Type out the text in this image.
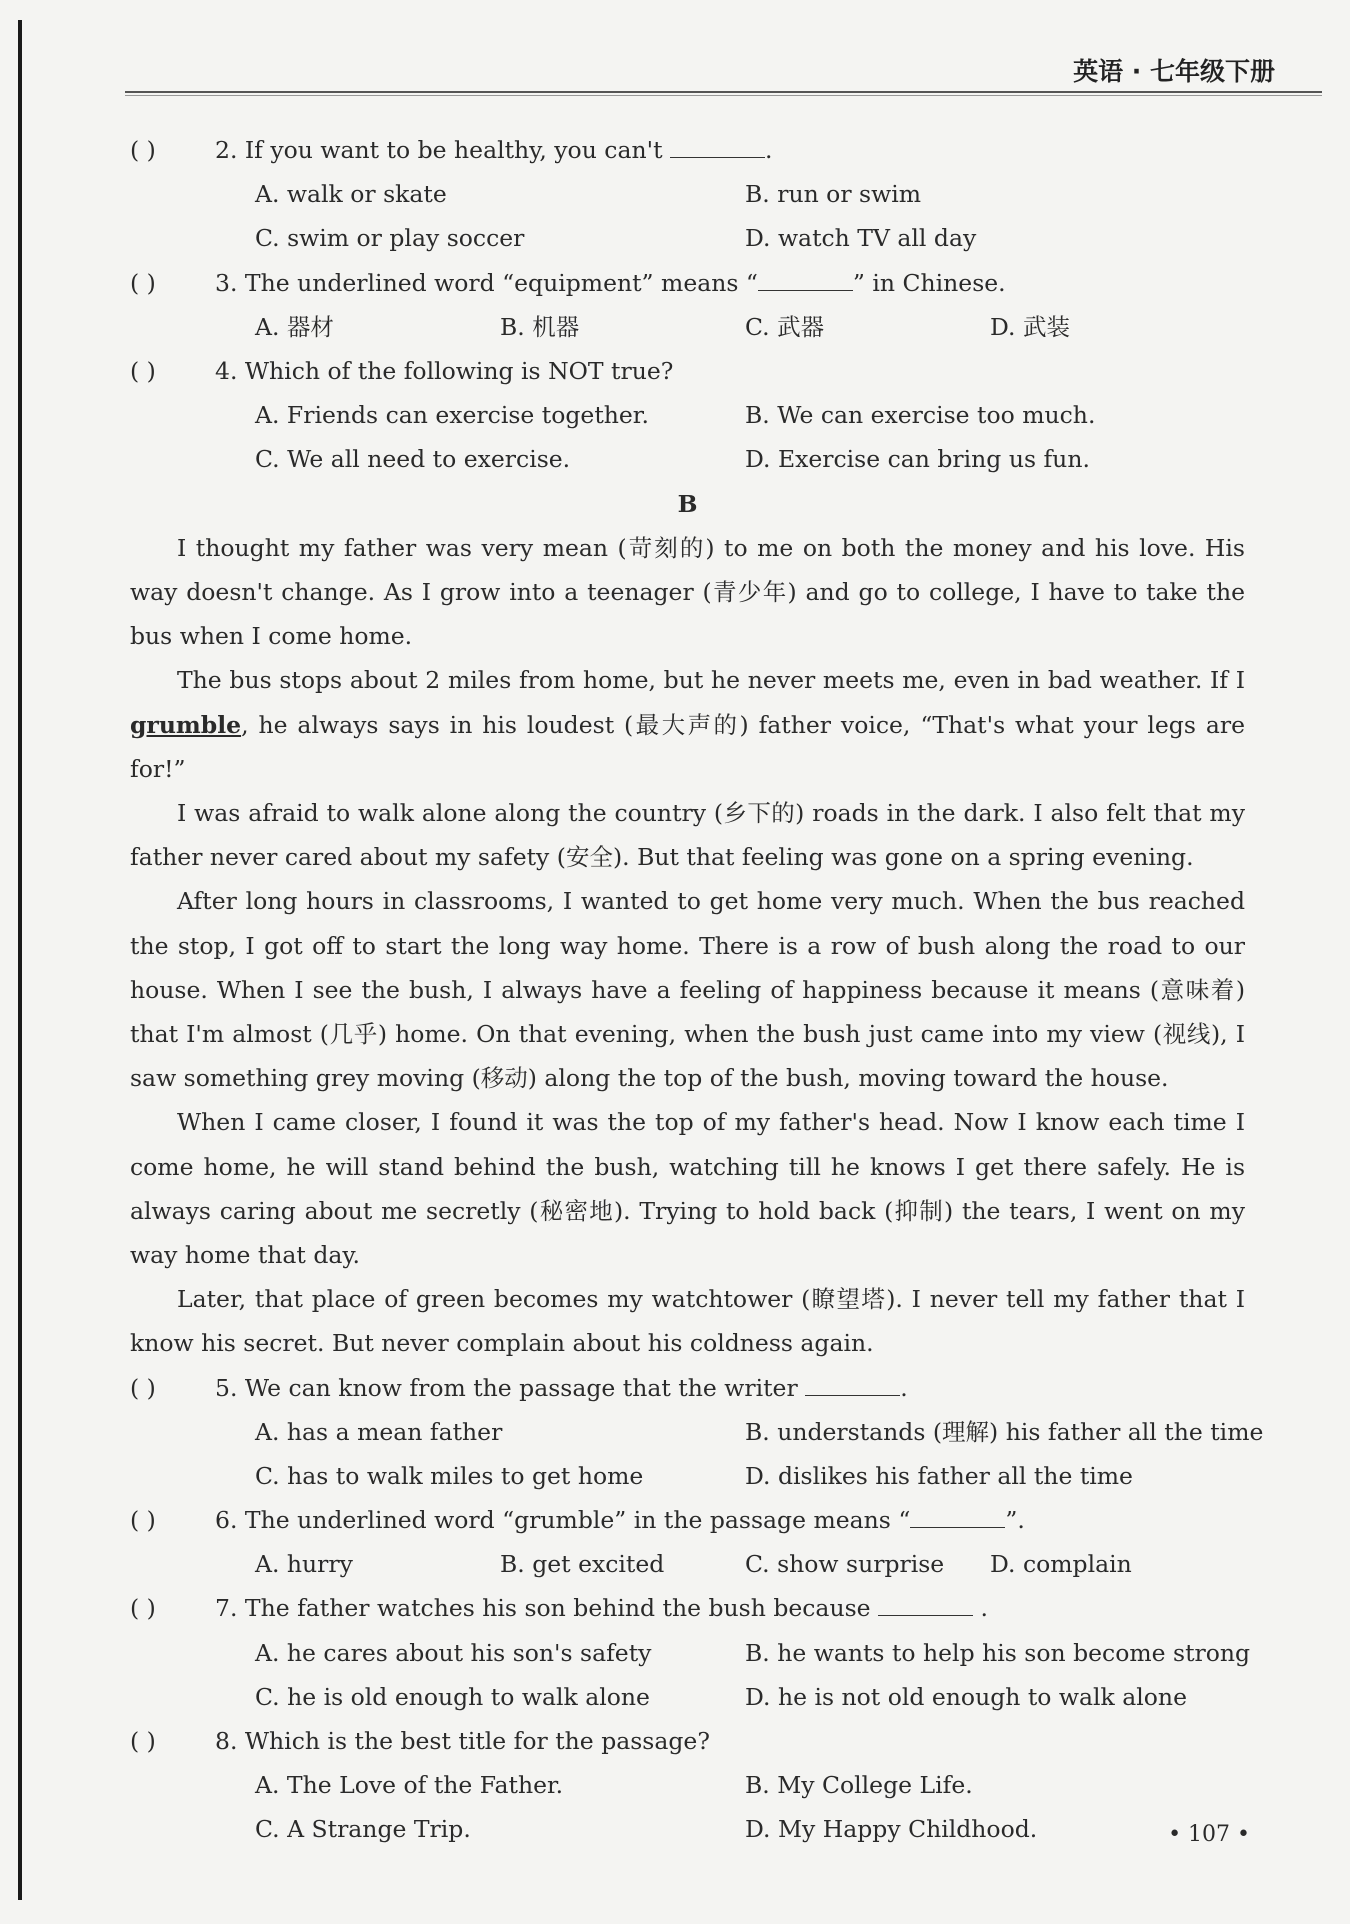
英语 · 七年级下册
( )	2. If you want to be healthy, you can't	.
A. walk or skate	B. run or swim
C. swim or play soccer	D. watch TV all day
( )	3. The underlined word “equipment” means “	” in Chinese.
A. 器材	B. 机器	C. 武器	D. 武装
( )	4. Which of the following is NOT true?
A. Friends can exercise together.	B. We can exercise too much.
C. We all need to exercise.	D. Exercise can bring us fun.
B

I thought my father was very mean (苛刻的) to me on both the money and his love. His way doesn't change. As I grow into a teenager (青少年) and go to college, I have to take the bus when I come home.

The bus stops about 2 miles from home, but he never meets me, even in bad weather. If I grumble, he always says in his loudest (最大声的) father voice, “That's what your legs are for!”

I was afraid to walk alone along the country (乡下的) roads in the dark. I also felt that my father never cared about my safety (安全). But that feeling was gone on a spring evening.

After long hours in classrooms, I wanted to get home very much. When the bus reached the stop, I got off to start the long way home. There is a row of bush along the road to our house. When I see the bush, I always have a feeling of happiness because it means (意味着) that I'm almost (几乎) home. On that evening, when the bush just came into my view (视线), I saw something grey moving (移动) along the top of the bush, moving toward the house.

When I came closer, I found it was the top of my father's head. Now I know each time I come home, he will stand behind the bush, watching till he knows I get there safely. He is always caring about me secretly (秘密地). Trying to hold back (抑制) the tears, I went on my way home that day.

Later, that place of green becomes my watchtower (瞭望塔). I never tell my father that I know his secret. But never complain about his coldness again.

( )	5. We can know from the passage that the writer	.
A. has a mean father	B. understands (理解) his father all the time
C. has to walk miles to get home	D. dislikes his father all the time
( )	6. The underlined word “grumble” in the passage means “	”.
A. hurry	B. get excited	C. show surprise	D. complain
( )	7. The father watches his son behind the bush because	.
A. he cares about his son's safety	B. he wants to help his son become strong
C. he is old enough to walk alone	D. he is not old enough to walk alone
( )	8. Which is the best title for the passage?
A. The Love of the Father.	B. My College Life.
C. A Strange Trip.	D. My Happy Childhood.	• 107 •
